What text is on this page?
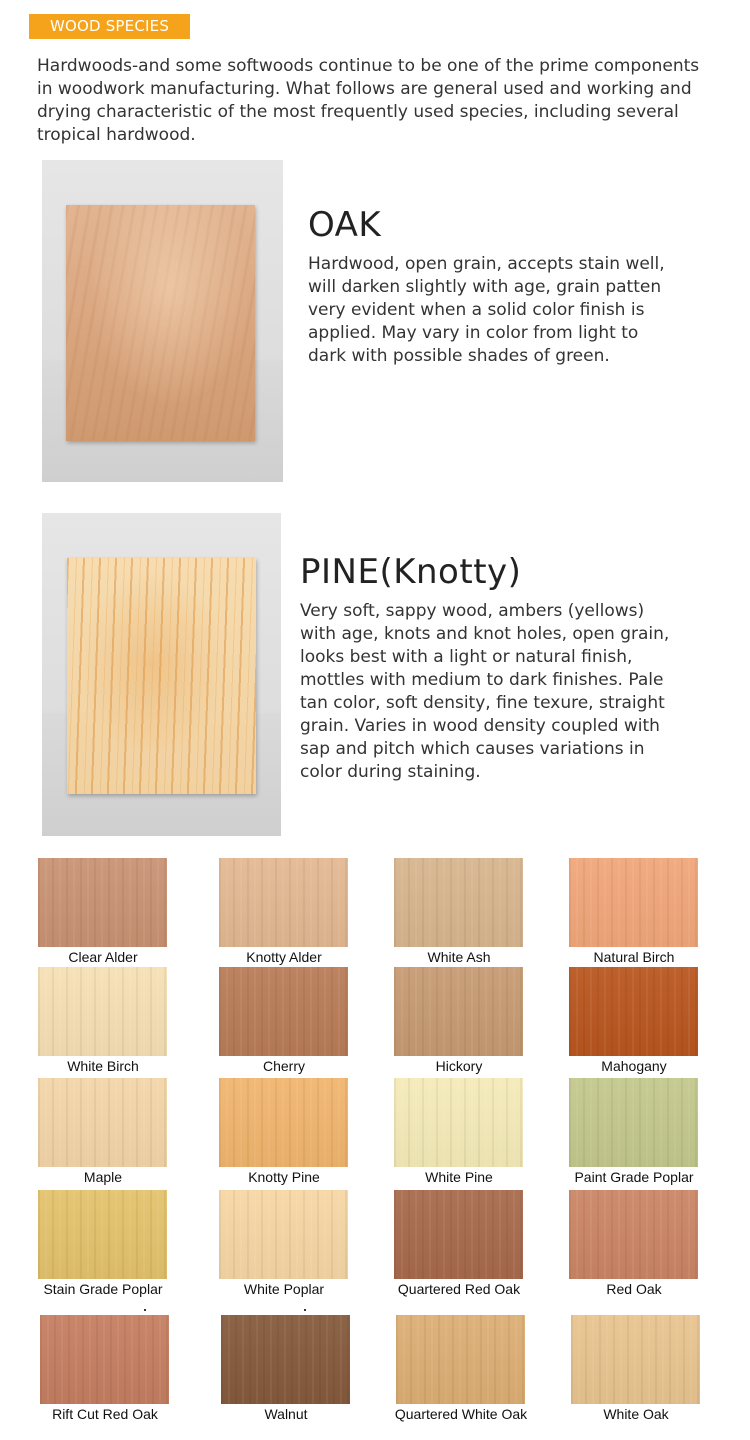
WOOD SPECIES
Hardwoods-and some softwoods continue to be one of the prime components in woodwork manufacturing. What follows are general used and working and drying characteristic of the most frequently used species, including several tropical hardwood.
OAK
Hardwood, open grain, accepts stain well, will darken slightly with age, grain patten very evident when a solid color finish is applied. May vary in color from light to dark with possible shades of green.
PINE(Knotty)
Very soft, sappy wood, ambers (yellows) with age, knots and knot holes, open grain, looks best with a light or natural finish, mottles with medium to dark finishes. Pale tan color, soft density, fine texure, straight grain. Varies in wood density coupled with sap and pitch which causes variations in color during staining.
Clear Alder	Knotty Alder	White Ash	Natural Birch
White Birch	Cherry	Hickory	Mahogany
Maple	Knotty Pine	White Pine	Paint Grade Poplar
Stain Grade Poplar	White Poplar	Quartered Red Oak	Red Oak
Rift Cut Red Oak	Walnut	Quartered White Oak	White Oak
